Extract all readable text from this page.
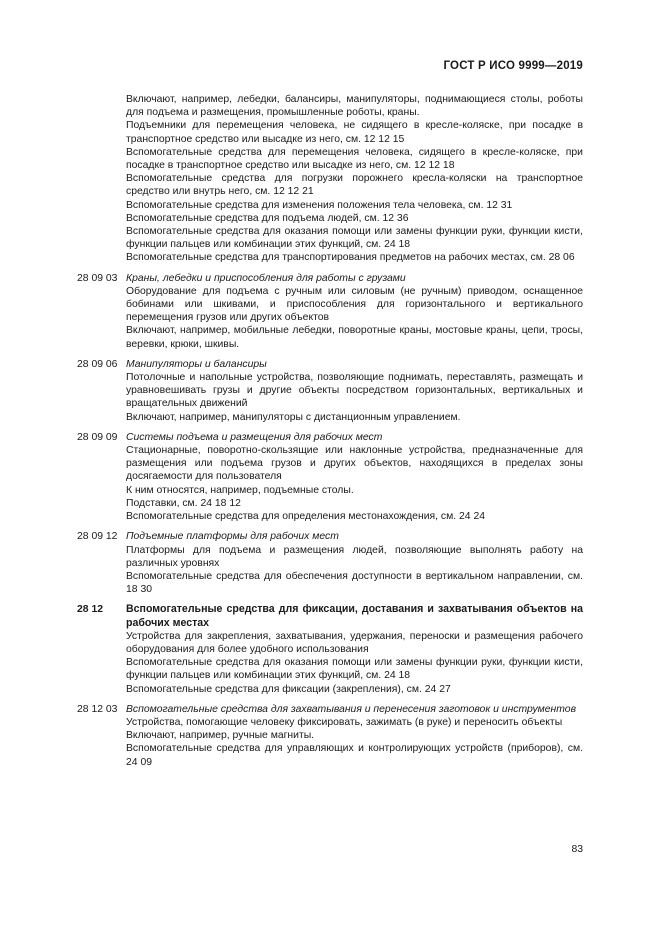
ГОСТ Р ИСО 9999—2019
Включают, например, лебедки, балансиры, манипуляторы, поднимающиеся столы, роботы для подъема и размещения, промышленные роботы, краны.
Подъемники для перемещения человека, не сидящего в кресле-коляске, при посадке в транспортное средство или высадке из него, см. 12 12 15
Вспомогательные средства для перемещения человека, сидящего в кресле-коляске, при посадке в транспортное средство или высадке из него, см. 12 12 18
Вспомогательные средства для погрузки порожнего кресла-коляски на транспортное средство или внутрь него, см. 12 12 21
Вспомогательные средства для изменения положения тела человека, см. 12 31
Вспомогательные средства для подъема людей, см. 12 36
Вспомогательные средства для оказания помощи или замены функции руки, функции кисти, функции пальцев или комбинации этих функций, см. 24 18
Вспомогательные средства для транспортирования предметов на рабочих местах, см. 28 06
28 09 03 Краны, лебедки и приспособления для работы с грузами
Оборудование для подъема с ручным или силовым (не ручным) приводом, оснащенное бобинами или шкивами, и приспособления для горизонтального и вертикального перемещения грузов или других объектов
Включают, например, мобильные лебедки, поворотные краны, мостовые краны, цепи, тросы, веревки, крюки, шкивы.
28 09 06 Манипуляторы и балансиры
Потолочные и напольные устройства, позволяющие поднимать, переставлять, размещать и уравновешивать грузы и другие объекты посредством горизонтальных, вертикальных и вращательных движений
Включают, например, манипуляторы с дистанционным управлением.
28 09 09 Системы подъема и размещения для рабочих мест
Стационарные, поворотно-скользящие или наклонные устройства, предназначенные для размещения или подъема грузов и других объектов, находящихся в пределах зоны досягаемости для пользователя
К ним относятся, например, подъемные столы.
Подставки, см. 24 18 12
Вспомогательные средства для определения местонахождения, см. 24 24
28 09 12 Подъемные платформы для рабочих мест
Платформы для подъема и размещения людей, позволяющие выполнять работу на различных уровнях
Вспомогательные средства для обеспечения доступности в вертикальном направлении, см. 18 30
28 12 Вспомогательные средства для фиксации, доставания и захватывания объектов на рабочих местах
Устройства для закрепления, захватывания, удержания, переноски и размещения рабочего оборудования для более удобного использования
Вспомогательные средства для оказания помощи или замены функции руки, функции кисти, функции пальцев или комбинации этих функций, см. 24 18
Вспомогательные средства для фиксации (закрепления), см. 24 27
28 12 03 Вспомогательные средства для захватывания и перенесения заготовок и инструментов
Устройства, помогающие человеку фиксировать, зажимать (в руке) и переносить объекты
Включают, например, ручные магниты.
Вспомогательные средства для управляющих и контролирующих устройств (приборов), см. 24 09
83
